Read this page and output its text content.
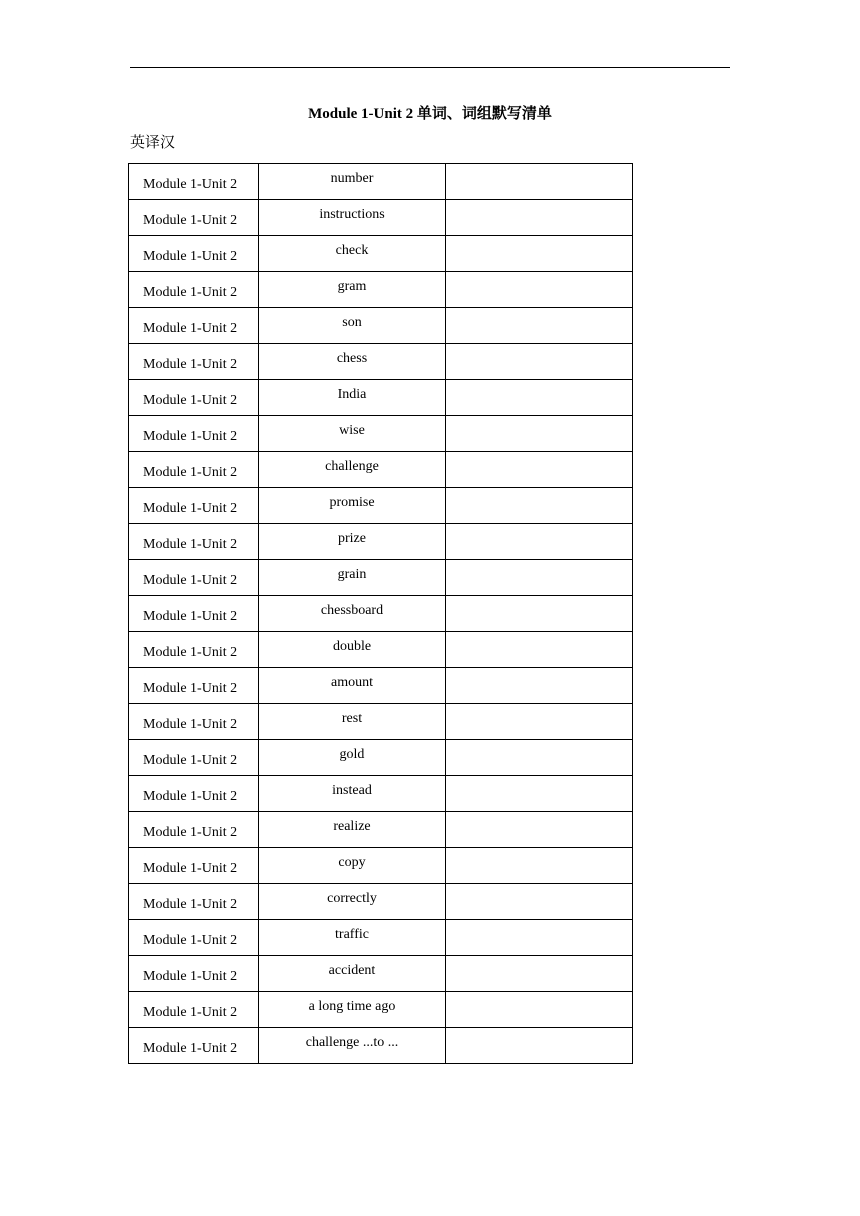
Module 1-Unit 2 单词、词组默写清单
英译汉
Module 1-Unit 2	number	
Module 1-Unit 2	instructions	
Module 1-Unit 2	check	
Module 1-Unit 2	gram	
Module 1-Unit 2	son	
Module 1-Unit 2	chess	
Module 1-Unit 2	India	
Module 1-Unit 2	wise	
Module 1-Unit 2	challenge	
Module 1-Unit 2	promise	
Module 1-Unit 2	prize	
Module 1-Unit 2	grain	
Module 1-Unit 2	chessboard	
Module 1-Unit 2	double	
Module 1-Unit 2	amount	
Module 1-Unit 2	rest	
Module 1-Unit 2	gold	
Module 1-Unit 2	instead	
Module 1-Unit 2	realize	
Module 1-Unit 2	copy	
Module 1-Unit 2	correctly	
Module 1-Unit 2	traffic	
Module 1-Unit 2	accident	
Module 1-Unit 2	a long time ago	
Module 1-Unit 2	challenge ...to ...	
